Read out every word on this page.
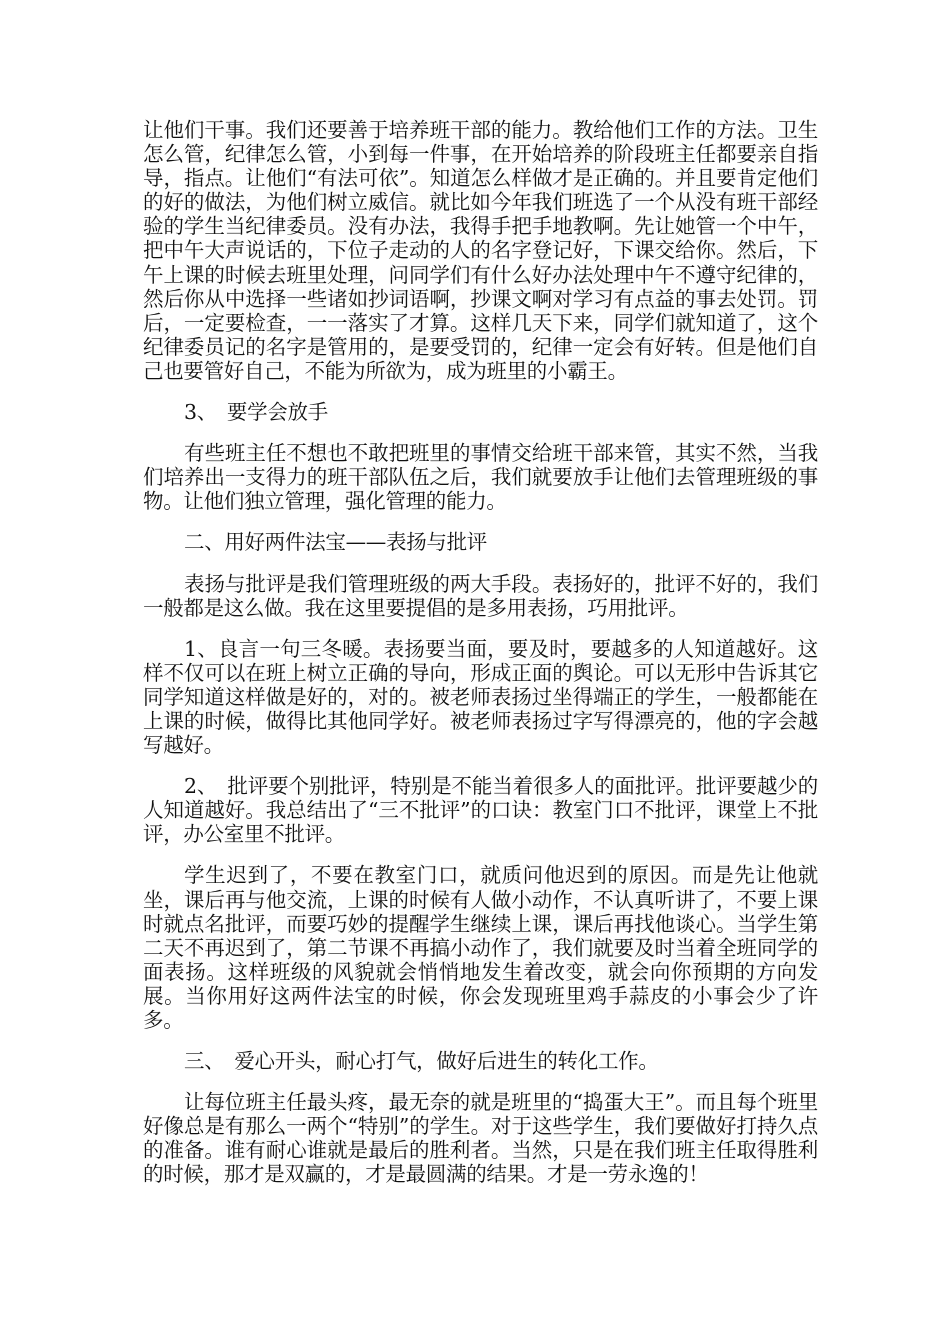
让他们干事。我们还要善于培养班干部的能力。教给他们工作的方法。卫生怎么管，纪律怎么管，小到每一件事，在开始培养的阶段班主任都要亲自指导，指点。让他们“有法可依”。知道怎么样做才是正确的。并且要肯定他们的好的做法，为他们树立威信。就比如今年我们班选了一个从没有班干部经验的学生当纪律委员。没有办法，我得手把手地教啊。先让她管一个中午，把中午大声说话的，下位子走动的人的名字登记好，下课交给你。然后，下午上课的时候去班里处理，问同学们有什么好办法处理中午不遵守纪律的，然后你从中选择一些诸如抄词语啊，抄课文啊对学习有点益的事去处罚。罚后，一定要检查，一一落实了才算。这样几天下来，同学们就知道了，这个纪律委员记的名字是管用的，是要受罚的，纪律一定会有好转。但是他们自己也要管好自己，不能为所欲为，成为班里的小霸王。

3、　要学会放手

有些班主任不想也不敢把班里的事情交给班干部来管，其实不然，当我们培养出一支得力的班干部队伍之后，我们就要放手让他们去管理班级的事物。让他们独立管理，强化管理的能力。

二、用好两件法宝——表扬与批评

表扬与批评是我们管理班级的两大手段。表扬好的，批评不好的，我们一般都是这么做。我在这里要提倡的是多用表扬，巧用批评。

1、良言一句三冬暖。表扬要当面，要及时，要越多的人知道越好。这样不仅可以在班上树立正确的导向，形成正面的舆论。可以无形中告诉其它同学知道这样做是好的，对的。被老师表扬过坐得端正的学生，一般都能在上课的时候，做得比其他同学好。被老师表扬过字写得漂亮的，他的字会越写越好。

2、　批评要个别批评，特别是不能当着很多人的面批评。批评要越少的人知道越好。我总结出了“三不批评”的口诀：教室门口不批评，课堂上不批评，办公室里不批评。

学生迟到了，不要在教室门口，就质问他迟到的原因。而是先让他就坐，课后再与他交流，上课的时候有人做小动作，不认真听讲了，不要上课时就点名批评，而要巧妙的提醒学生继续上课，课后再找他谈心。当学生第二天不再迟到了，第二节课不再搞小动作了，我们就要及时当着全班同学的面表扬。这样班级的风貌就会悄悄地发生着改变，就会向你预期的方向发展。当你用好这两件法宝的时候，你会发现班里鸡手蒜皮的小事会少了许多。

三、　爱心开头，耐心打气，做好后进生的转化工作。

让每位班主任最头疼，最无奈的就是班里的“捣蛋大王”。而且每个班里好像总是有那么一两个“特别”的学生。对于这些学生，我们要做好打持久点的准备。谁有耐心谁就是最后的胜利者。当然，只是在我们班主任取得胜利的时候，那才是双赢的，才是最圆满的结果。才是一劳永逸的！
